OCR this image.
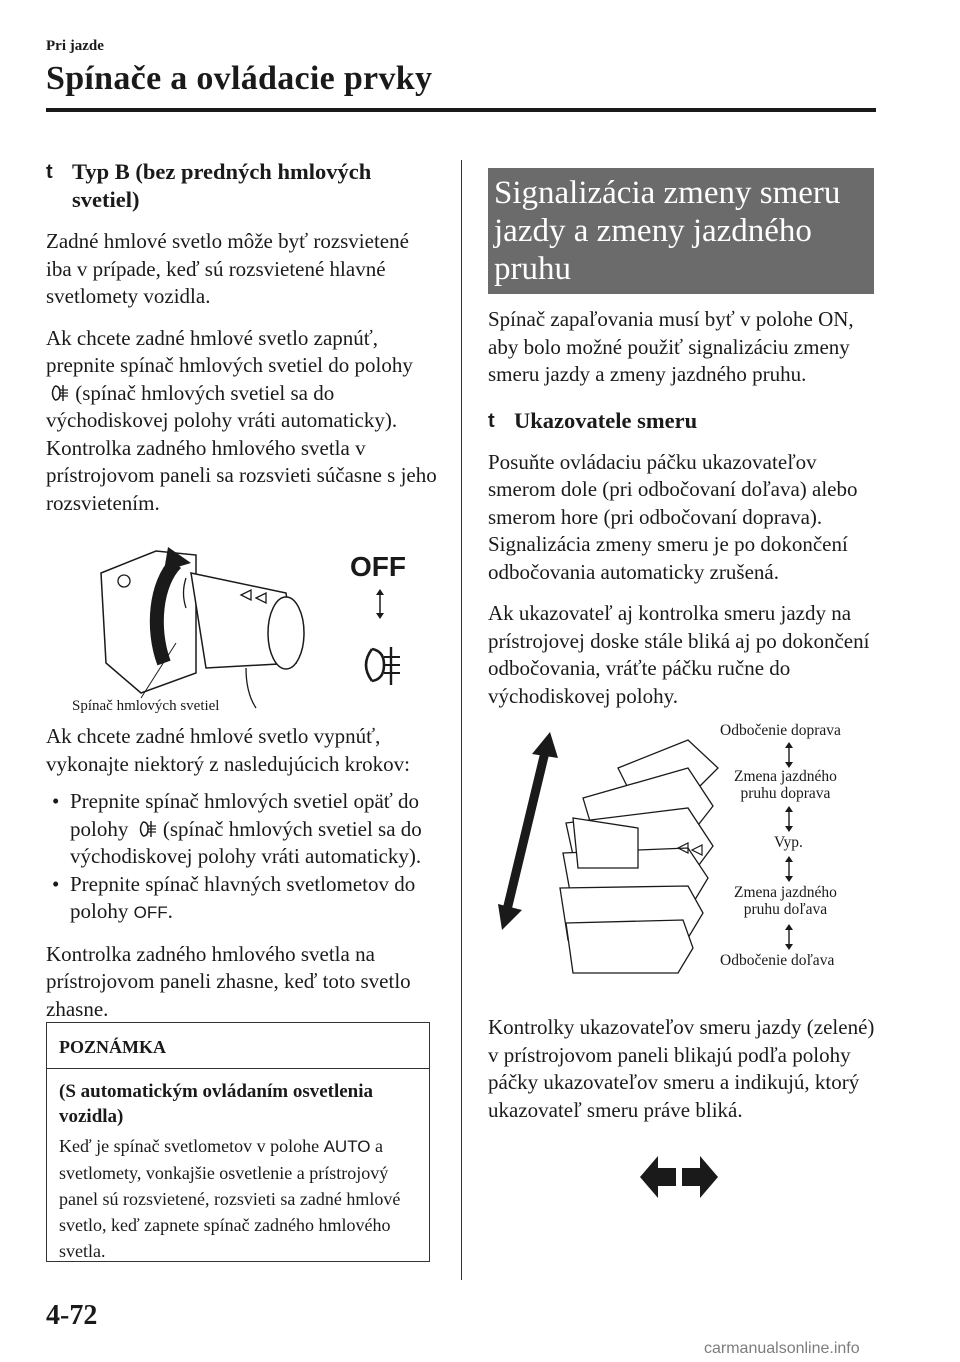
Pri jazde
Spínače a ovládacie prvky
t Typ B (bez predných hmlových svetiel)

Zadné hmlové svetlo môže byť rozsvietené iba v prípade, keď sú rozsvietené hlavné svetlomety vozidla.

Ak chcete zadné hmlové svetlo zapnúť, prepnite spínač hmlových svetiel do polohy  (spínač hmlových svetiel sa do východiskovej polohy vráti automaticky). Kontrolka zadného hmlového svetla v prístrojovom paneli sa rozsvieti súčasne s jeho rozsvietením.

OFF
Spínač hmlových svetiel

Ak chcete zadné hmlové svetlo vypnúť, vykonajte niektorý z nasledujúcich krokov:

• Prepnite spínač hmlových svetiel opäť do polohy (spínač hmlových svetiel sa do východiskovej polohy vráti automaticky).
• Prepnite spínač hlavných svetlometov do polohy OFF.

Kontrolka zadného hmlového svetla na prístrojovom paneli zhasne, keď toto svetlo zhasne.

POZNÁMKA
(S automatickým ovládaním osvetlenia vozidla)
Keď je spínač svetlometov v polohe AUTO a svetlomety, vonkajšie osvetlenie a prístrojový panel sú rozsvietené, rozsvieti sa zadné hmlové svetlo, keď zapnete spínač zadného hmlového svetla.
Signalizácia zmeny smeru jazdy a zmeny jazdného pruhu

Spínač zapaľovania musí byť v polohe ON, aby bolo možné použiť signalizáciu zmeny smeru jazdy a zmeny jazdného pruhu.

t Ukazovatele smeru

Posuňte ovládaciu páčku ukazovateľov smerom dole (pri odbočovaní doľava) alebo smerom hore (pri odbočovaní doprava). Signalizácia zmeny smeru je po dokončení odbočovania automaticky zrušená.

Ak ukazovateľ aj kontrolka smeru jazdy na prístrojovej doske stále bliká aj po dokončení odbočovania, vráťte páčku ručne do východiskovej polohy.

Odbočenie doprava
Zmena jazdného
pruhu doprava
Vyp.
Zmena jazdného
pruhu doľava
Odbočenie doľava

Kontrolky ukazovateľov smeru jazdy (zelené) v prístrojovom paneli blikajú podľa polohy páčky ukazovateľov smeru a indikujú, ktorý ukazovateľ smeru práve bliká.

4-72
carmanualsonline.info
